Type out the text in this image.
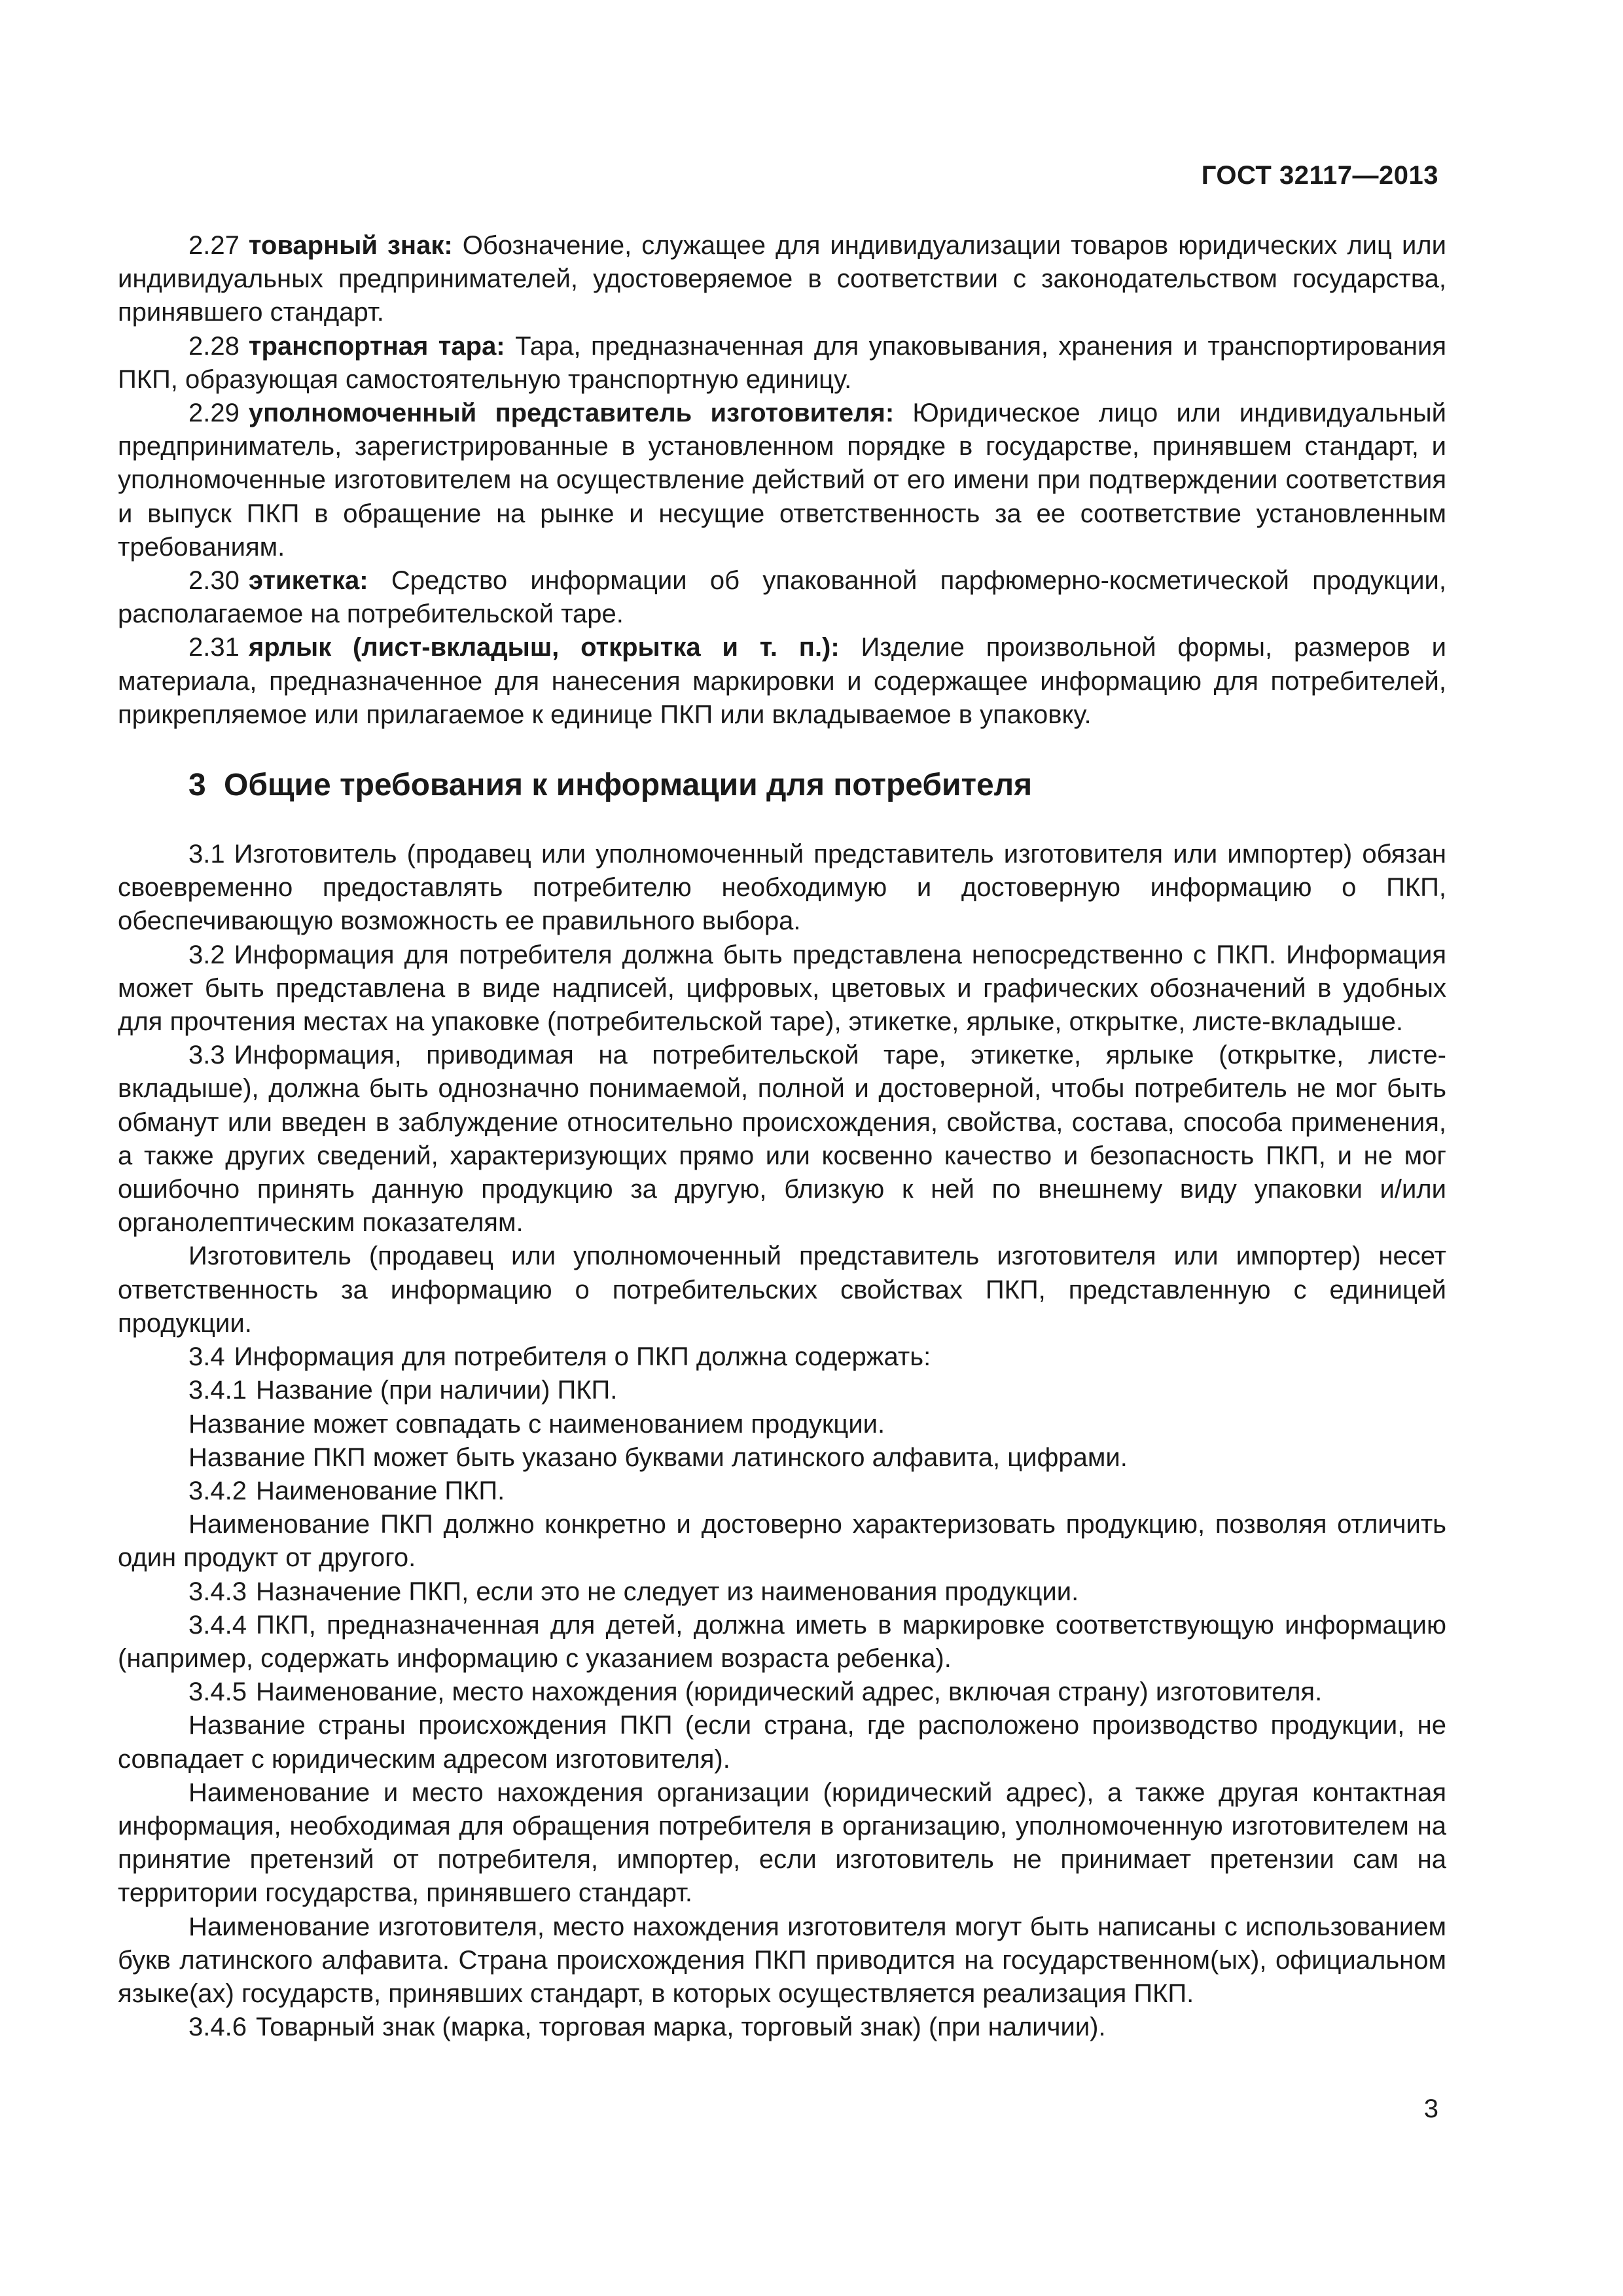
ГОСТ 32117—2013

2.27 товарный знак: Обозначение, служащее для индивидуализации товаров юридических лиц или индивидуальных предпринимателей, удостоверяемое в соответствии с законодательством государства, принявшего стандарт.

2.28 транспортная тара: Тара, предназначенная для упаковывания, хранения и транспортирования ПКП, образующая самостоятельную транспортную единицу.

2.29 уполномоченный представитель изготовителя: Юридическое лицо или индивидуальный предприниматель, зарегистрированные в установленном порядке в государстве, принявшем стандарт, и уполномоченные изготовителем на осуществление действий от его имени при подтверждении соответствия и выпуск ПКП в обращение на рынке и несущие ответственность за ее соответствие установленным требованиям.

2.30 этикетка: Средство информации об упакованной парфюмерно-косметической продукции, располагаемое на потребительской таре.

2.31 ярлык (лист-вкладыш, открытка и т. п.): Изделие произвольной формы, размеров и материала, предназначенное для нанесения маркировки и содержащее информацию для потребителей, прикрепляемое или прилагаемое к единице ПКП или вкладываемое в упаковку.

3 Общие требования к информации для потребителя

3.1 Изготовитель (продавец или уполномоченный представитель изготовителя или импортер) обязан своевременно предоставлять потребителю необходимую и достоверную информацию о ПКП, обеспечивающую возможность ее правильного выбора.

3.2 Информация для потребителя должна быть представлена непосредственно с ПКП. Информация может быть представлена в виде надписей, цифровых, цветовых и графических обозначений в удобных для прочтения местах на упаковке (потребительской таре), этикетке, ярлыке, открытке, листе-вкладыше.

3.3 Информация, приводимая на потребительской таре, этикетке, ярлыке (открытке, листе-вкладыше), должна быть однозначно понимаемой, полной и достоверной, чтобы потребитель не мог быть обманут или введен в заблуждение относительно происхождения, свойства, состава, способа применения, а также других сведений, характеризующих прямо или косвенно качество и безопасность ПКП, и не мог ошибочно принять данную продукцию за другую, близкую к ней по внешнему виду упаковки и/или органолептическим показателям.

Изготовитель (продавец или уполномоченный представитель изготовителя или импортер) несет ответственность за информацию о потребительских свойствах ПКП, представленную с единицей продукции.

3.4 Информация для потребителя о ПКП должна содержать:

3.4.1 Название (при наличии) ПКП.

Название может совпадать с наименованием продукции.

Название ПКП может быть указано буквами латинского алфавита, цифрами.

3.4.2 Наименование ПКП.

Наименование ПКП должно конкретно и достоверно характеризовать продукцию, позволяя отличить один продукт от другого.

3.4.3 Назначение ПКП, если это не следует из наименования продукции.

3.4.4 ПКП, предназначенная для детей, должна иметь в маркировке соответствующую информацию (например, содержать информацию с указанием возраста ребенка).

3.4.5 Наименование, место нахождения (юридический адрес, включая страну) изготовителя.

Название страны происхождения ПКП (если страна, где расположено производство продукции, не совпадает с юридическим адресом изготовителя).

Наименование и место нахождения организации (юридический адрес), а также другая контактная информация, необходимая для обращения потребителя в организацию, уполномоченную изготовителем на принятие претензий от потребителя, импортер, если изготовитель не принимает претензии сам на территории государства, принявшего стандарт.

Наименование изготовителя, место нахождения изготовителя могут быть написаны с использованием букв латинского алфавита. Страна происхождения ПКП приводится на государственном(ых), официальном языке(ах) государств, принявших стандарт, в которых осуществляется реализация ПКП.

3.4.6 Товарный знак (марка, торговая марка, торговый знак) (при наличии).

3
